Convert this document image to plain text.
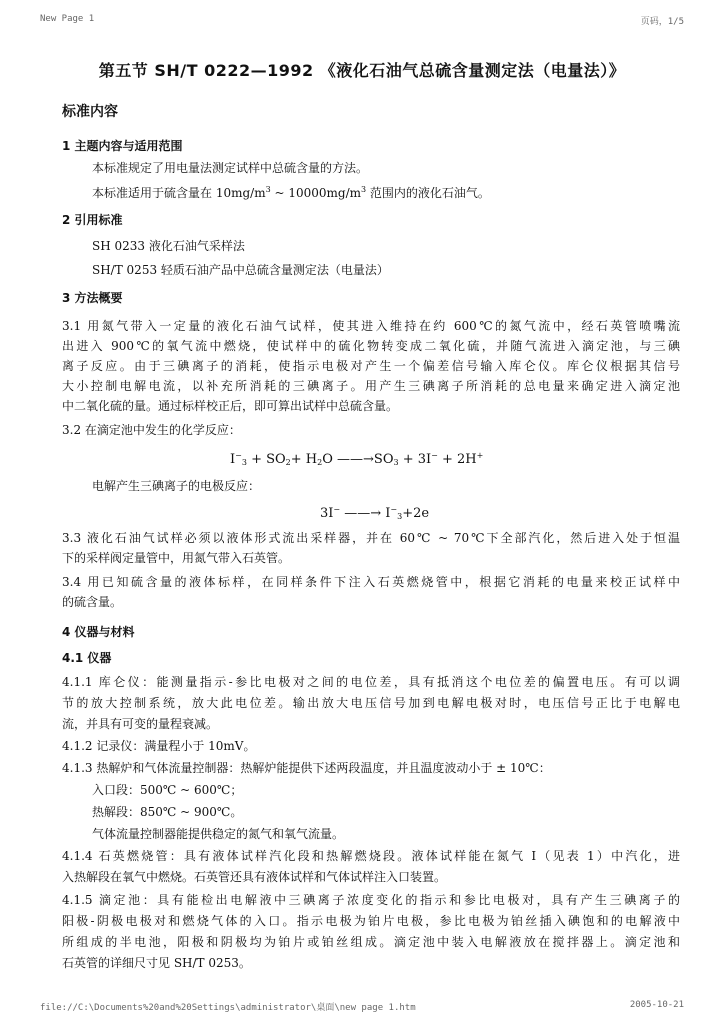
New Page 1	页码，1/5
第五节 SH/T 0222—1992 《液化石油气总硫含量测定法（电量法）》
标准内容
1 主题内容与适用范围
本标准规定了用电量法测定试样中总硫含量的方法。
本标准适用于硫含量在 $10mg/m^3$ ~ $10000mg/m^3$ 范围内的液化石油气。
2 引用标准
SH 0233 液化石油气采样法
SH/T 0253 轻质石油产品中总硫含量测定法（电量法）
3 方法概要
3.1 用氮气带入一定量的液化石油气试样，使其进入维持在约 600℃的氮气流中，经石英管喷嘴流
出进入 900℃的氧气流中燃烧，使试样中的硫化物转变成二氧化硫，并随气流进入滴定池，与三碘
离子反应。由于三碘离子的消耗，使指示电极对产生一个偏差信号输入库仑仪。库仑仪根据其信号
大小控制电解电流，以补充所消耗的三碘离子。用产生三碘离子所消耗的总电量来确定进入滴定池
中二氧化硫的量。通过标样校正后，即可算出试样中总硫含量。
3.2 在滴定池中发生的化学反应：
$I^-_3 + SO_2+ H_2O$ $——\to SO_3 + 3I^- + 2H^+$
电解产生三碘离子的电极反应：
3I− ——→ $I^-_3+2e$
3.3 液化石油气试样必须以液体形式流出采样器，并在 60℃ ~ 70℃下全部汽化，然后进入处于恒温
下的采样阀定量管中，用氮气带入石英管。
3.4 用已知硫含量的液体标样，在同样条件下注入石英燃烧管中，根据它消耗的电量来校正试样中
的硫含量。
4 仪器与材料
4.1 仪器
4.1.1 库仑仪：能测量指示-参比电极对之间的电位差，具有抵消这个电位差的偏置电压。有可以调
节的放大控制系统，放大此电位差。输出放大电压信号加到电解电极对时，电压信号正比于电解电
流，并具有可变的量程衰减。
4.1.2 记录仪：满量程小于 10mV。
4.1.3 热解炉和气体流量控制器：热解炉能提供下述两段温度，并且温度波动小于 ± 10℃：
入口段：500℃ ~ 600℃；
热解段：850℃ ~ 900℃。
气体流量控制器能提供稳定的氮气和氧气流量。
4.1.4 石英燃烧管：具有液体试样汽化段和热解燃烧段。液体试样能在氮气 I（见表 1）中汽化，进
入热解段在氧气中燃烧。石英管还具有液体试样和气体试样注入口装置。
4.1.5 滴定池：具有能检出电解液中三碘离子浓度变化的指示和参比电极对，具有产生三碘离子的
阳极-阴极电极对和燃烧气体的入口。指示电极为铂片电极，参比电极为铂丝插入碘饱和的电解液中
所组成的半电池，阳极和阴极均为铂片或铂丝组成。滴定池中装入电解液放在搅拌器上。滴定池和
石英管的详细尺寸见 SH/T 0253。
file://C:\Documents%20and%20Settings\administrator\桌面\new page 1.htm	2005-10-21
